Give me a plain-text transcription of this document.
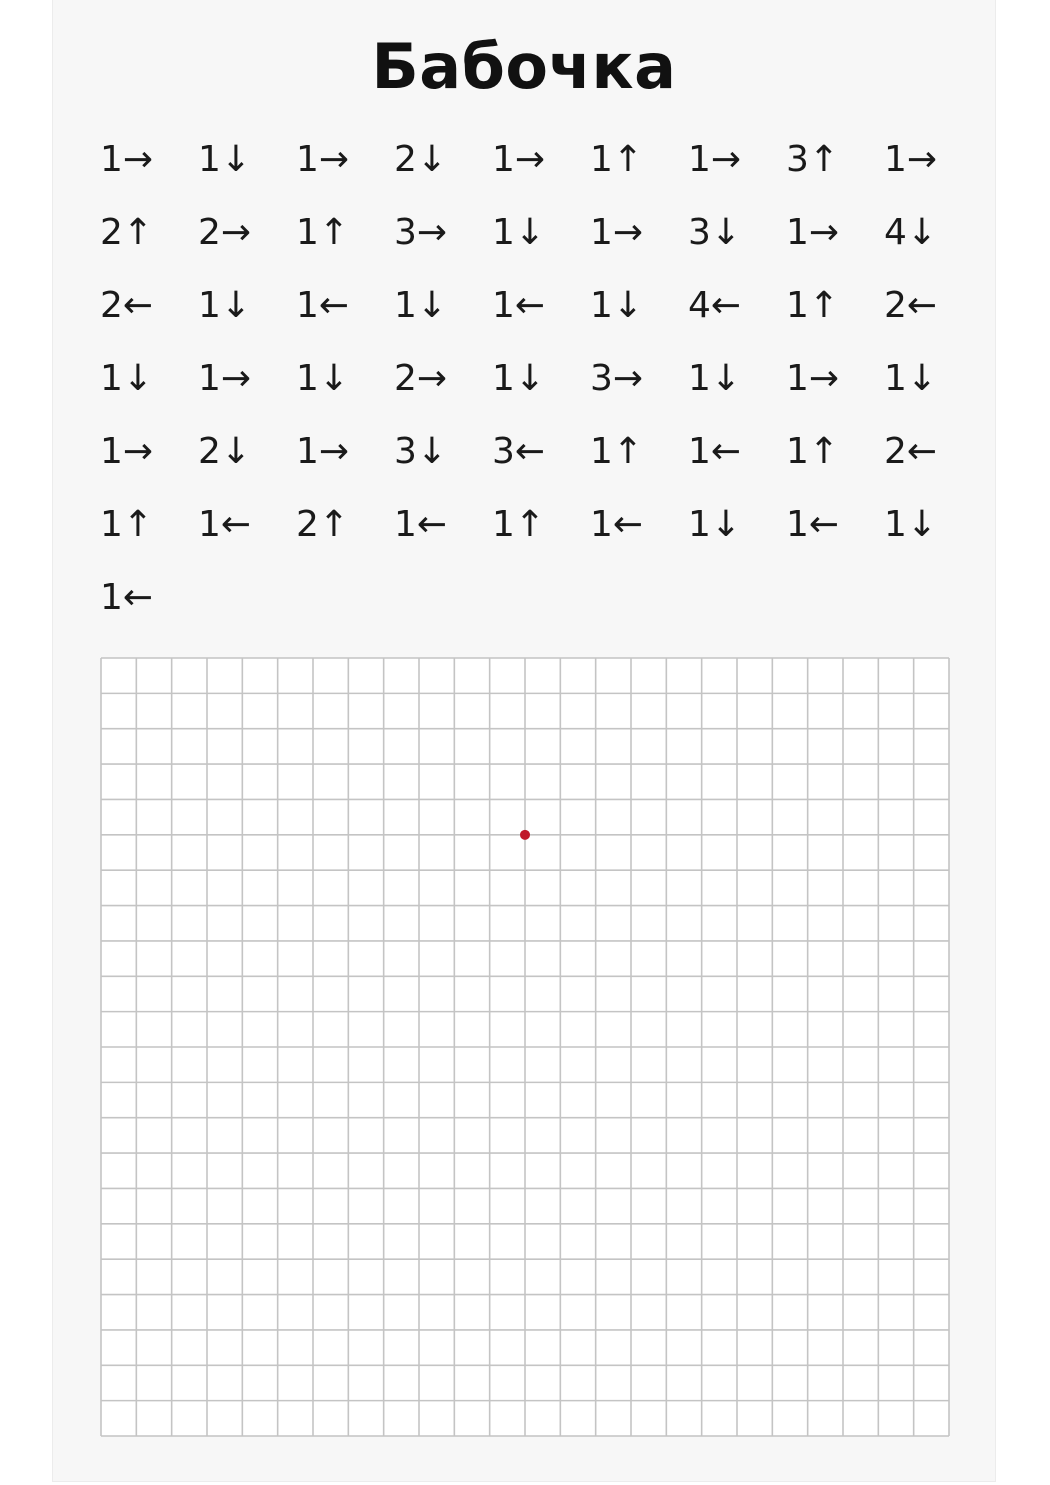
Бабочка
1→	1↓	1→	2↓	1→	1↑	1→	3↑	1→
2↑	2→	1↑	3→	1↓	1→	3↓	1→	4↓
2←	1↓	1←	1↓	1←	1↓	4←	1↑	2←
1↓	1→	1↓	2→	1↓	3→	1↓	1→	1↓
1→	2↓	1→	3↓	3←	1↑	1←	1↑	2←
1↑	1←	2↑	1←	1↑	1←	1↓	1←	1↓
1←
